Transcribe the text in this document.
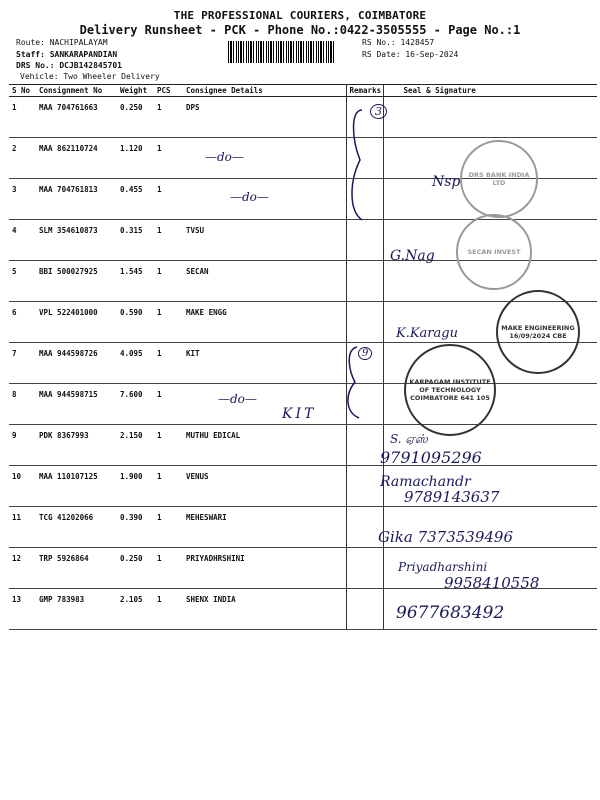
THE PROFESSIONAL COURIERS, COIMBATORE
Delivery Runsheet - PCK - Phone No.:0422-3505555 - Page No.:1
Route: NACHIPALAYAM
Staff: SANKARAPANDIAN
DRS No.: DCJB142845701
Vehicle: Two Wheeler Delivery
RS No.: 1428457
RS Date: 16-Sep-2024
S No	Consignment No	Weight	PCS	Consignee Details	Remarks	Seal & Signature

1	MAA 704761663	0.250	1	DPS		

2	MAA 862110724	1.120	1			

3	MAA 704761813	0.455	1			

4	SLM 354610873	0.315	1	TVSU		

5	BBI 500027925	1.545	1	SECAN		

6	VPL 522401000	0.590	1	MAKE ENGG		

7	MAA 944598726	4.095	1	KIT		

8	MAA 944598715	7.600	1			

9	PDK 8367993	2.150	1	MUTHU EDICAL		

10	MAA 110107125	1.900	1	VENUS		

11	TCG 41202066	0.390	1	MEHESWARI		

12	TRP 5926864	0.250	1	PRIYADHRSHINI		

13	GMP 783983	2.105	1	SHENX INDIA		

—do—
—do—
—do—
KIT
3
9
Nsp
G.Nag
K.Karagu
S. ஏஸ்
9791095296
Ramachandr
9789143637
Gika 7373539496
Priyadharshini
9958410558
9677683492
DRS BANK INDIA LTD
SECAN INVEST
MAKE ENGINEERING 16/09/2024 CBE
KARPAGAM INSTITUTE OF TECHNOLOGY COIMBATORE 641 105
